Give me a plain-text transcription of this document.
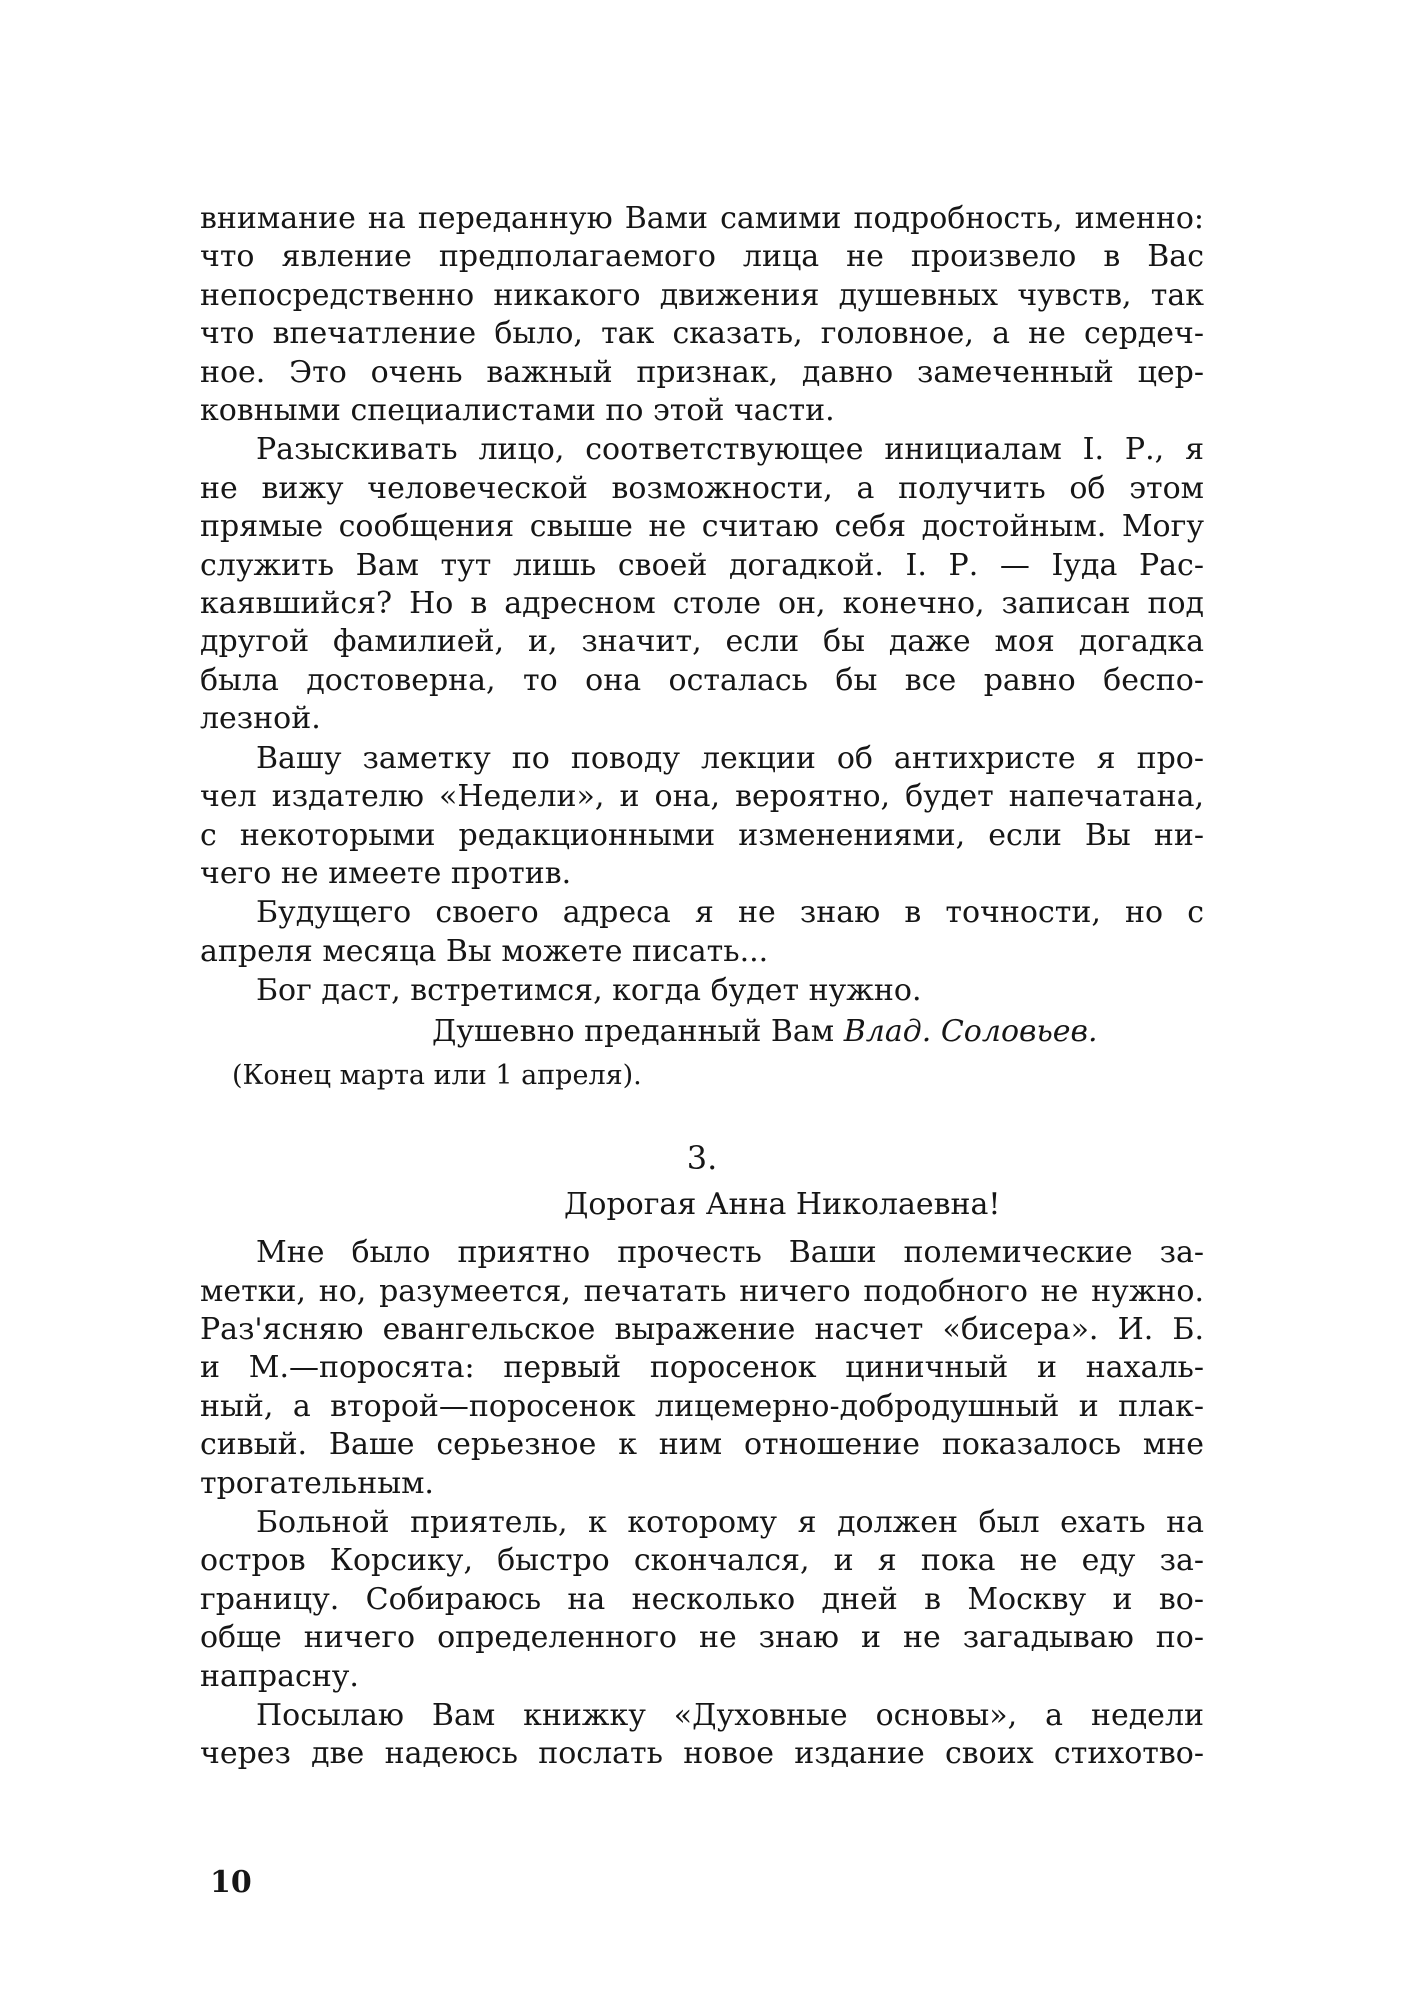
внимание на переданную Вами самими подробность, именно:
что явление предполагаемого лица не произвело в Вас
непосредственно никакого движения душевных чувств, так
что впечатление было, так сказать, головное, а не сердеч-
ное. Это очень важный признак, давно замеченный цер-
ковными специалистами по этой части.
Разыскивать лицо, соответствующее инициалам І. Р., я
не вижу человеческой возможности, а получить об этом
прямые сообщения свыше не считаю себя достойным. Могу
служить Вам тут лишь своей догадкой. І. Р. — Іуда Рас-
каявшийся? Но в адресном столе он, конечно, записан под
другой фамилией, и, значит, если бы даже моя догадка
была достоверна, то она осталась бы все равно беспо-
лезной.
Вашу заметку по поводу лекции об антихристе я про-
чел издателю «Недели», и она, вероятно, будет напечатана,
с некоторыми редакционными изменениями, если Вы ни-
чего не имеете против.
Будущего своего адреса я не знаю в точности, но с
апреля месяца Вы можете писать...
Бог даст, встретимся, когда будет нужно.
Душевно преданный Вам Влад. Соловьев.
(Конец марта или 1 апреля).
3.
Дорогая Анна Николаевна!
Мне было приятно прочесть Ваши полемические за-
метки, но, разумеется, печатать ничего подобного не нужно.
Раз'ясняю евангельское выражение насчет «бисера». И. Б.
и М.—поросята: первый поросенок циничный и нахаль-
ный, а второй—поросенок лицемерно-добродушный и плак-
сивый. Ваше серьезное к ним отношение показалось мне
трогательным.
Больной приятель, к которому я должен был ехать на
остров Корсику, быстро скончался, и я пока не еду за-
границу. Собираюсь на несколько дней в Москву и во-
обще ничего определенного не знаю и не загадываю по-
напрасну.
Посылаю Вам книжку «Духовные основы», а недели
через две надеюсь послать новое издание своих стихотво-
10
